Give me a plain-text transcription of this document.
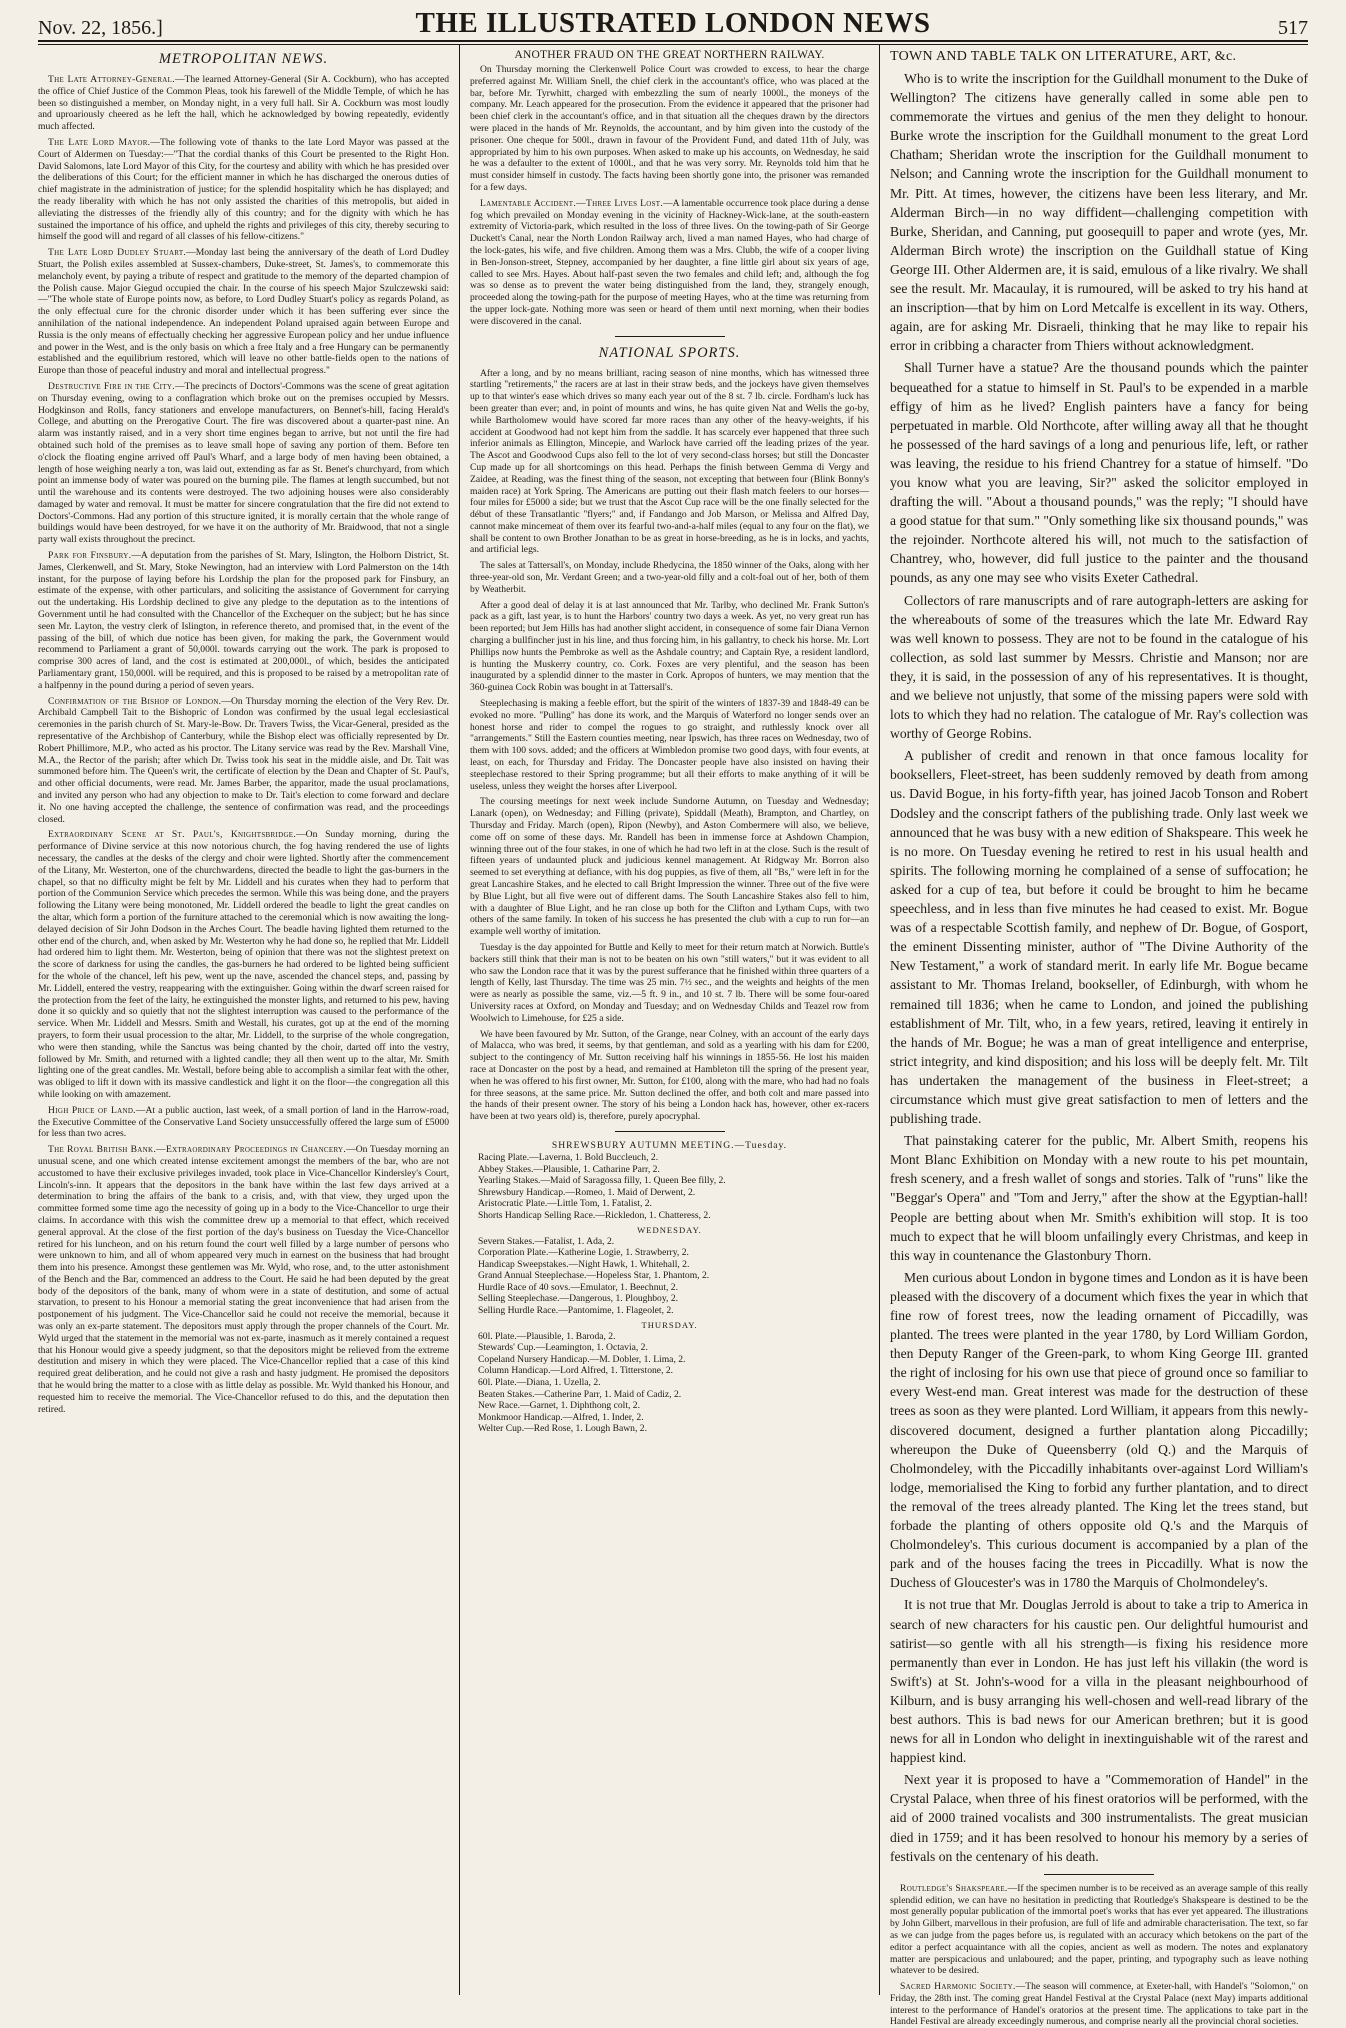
Nov. 22, 1856.]	THE ILLUSTRATED LONDON NEWS	517
METROPOLITAN NEWS.

The Late Attorney-General.—The learned Attorney-General (Sir A. Cockburn), who has accepted the office of Chief Justice of the Common Pleas, took his farewell of the Middle Temple, of which he has been so distinguished a member, on Monday night, in a very full hall. Sir A. Cockburn was most loudly and uproariously cheered as he left the hall, which he acknowledged by bowing repeatedly, evidently much affected.

The Late Lord Mayor.—The following vote of thanks to the late Lord Mayor was passed at the Court of Aldermen on Tuesday:—"That the cordial thanks of this Court be presented to the Right Hon. David Salomons, late Lord Mayor of this City, for the courtesy and ability with which he has presided over the deliberations of this Court; for the efficient manner in which he has discharged the onerous duties of chief magistrate in the administration of justice; for the splendid hospitality which he has displayed; and the ready liberality with which he has not only assisted the charities of this metropolis, but aided in alleviating the distresses of the friendly ally of this country; and for the dignity with which he has sustained the importance of his office, and upheld the rights and privileges of this city, thereby securing to himself the good will and regard of all classes of his fellow-citizens."

The Late Lord Dudley Stuart.—Monday last being the anniversary of the death of Lord Dudley Stuart, the Polish exiles assembled at Sussex-chambers, Duke-street, St. James's, to commemorate this melancholy event, by paying a tribute of respect and gratitude to the memory of the departed champion of the Polish cause. Major Giegud occupied the chair. In the course of his speech Major Szulczewski said:—"The whole state of Europe points now, as before, to Lord Dudley Stuart's policy as regards Poland, as the only effectual cure for the chronic disorder under which it has been suffering ever since the annihilation of the national independence. An independent Poland upraised again between Europe and Russia is the only means of effectually checking her aggressive European policy and her undue influence and power in the West, and is the only basis on which a free Italy and a free Hungary can be permanently established and the equilibrium restored, which will leave no other battle-fields open to the nations of Europe than those of peaceful industry and moral and intellectual progress."

Destructive Fire in the City.—The precincts of Doctors'-Commons was the scene of great agitation on Thursday evening, owing to a conflagration which broke out on the premises occupied by Messrs. Hodgkinson and Rolls, fancy stationers and envelope manufacturers, on Bennet's-hill, facing Herald's College, and abutting on the Prerogative Court. The fire was discovered about a quarter-past nine. An alarm was instantly raised, and in a very short time engines began to arrive, but not until the fire had obtained such hold of the premises as to leave small hope of saving any portion of them. Before ten o'clock the floating engine arrived off Paul's Wharf, and a large body of men having been obtained, a length of hose weighing nearly a ton, was laid out, extending as far as St. Benet's churchyard, from which point an immense body of water was poured on the burning pile. The flames at length succumbed, but not until the warehouse and its contents were destroyed. The two adjoining houses were also considerably damaged by water and removal. It must be matter for sincere congratulation that the fire did not extend to Doctors'-Commons. Had any portion of this structure ignited, it is morally certain that the whole range of buildings would have been destroyed, for we have it on the authority of Mr. Braidwood, that not a single party wall exists throughout the precinct.

Park for Finsbury.—A deputation from the parishes of St. Mary, Islington, the Holborn District, St. James, Clerkenwell, and St. Mary, Stoke Newington, had an interview with Lord Palmerston on the 14th instant, for the purpose of laying before his Lordship the plan for the proposed park for Finsbury, an estimate of the expense, with other particulars, and soliciting the assistance of Government for carrying out the undertaking. His Lordship declined to give any pledge to the deputation as to the intentions of Government until he had consulted with the Chancellor of the Exchequer on the subject; but he has since seen Mr. Layton, the vestry clerk of Islington, in reference thereto, and promised that, in the event of the passing of the bill, of which due notice has been given, for making the park, the Government would recommend to Parliament a grant of 50,000l. towards carrying out the work. The park is proposed to comprise 300 acres of land, and the cost is estimated at 200,000l., of which, besides the anticipated Parliamentary grant, 150,000l. will be required, and this is proposed to be raised by a metropolitan rate of a halfpenny in the pound during a period of seven years.

Confirmation of the Bishop of London.—On Thursday morning the election of the Very Rev. Dr. Archibald Campbell Tait to the Bishopric of London was confirmed by the usual legal ecclesiastical ceremonies in the parish church of St. Mary-le-Bow. Dr. Travers Twiss, the Vicar-General, presided as the representative of the Archbishop of Canterbury, while the Bishop elect was officially represented by Dr. Robert Phillimore, M.P., who acted as his proctor. The Litany service was read by the Rev. Marshall Vine, M.A., the Rector of the parish; after which Dr. Twiss took his seat in the middle aisle, and Dr. Tait was summoned before him. The Queen's writ, the certificate of election by the Dean and Chapter of St. Paul's, and other official documents, were read. Mr. James Barber, the apparitor, made the usual proclamations, and invited any person who had any objection to make to Dr. Tait's election to come forward and declare it. No one having accepted the challenge, the sentence of confirmation was read, and the proceedings closed.

Extraordinary Scene at St. Paul's, Knightsbridge.—On Sunday morning, during the performance of Divine service at this now notorious church, the fog having rendered the use of lights necessary, the candles at the desks of the clergy and choir were lighted. Shortly after the commencement of the Litany, Mr. Westerton, one of the churchwardens, directed the beadle to light the gas-burners in the chapel, so that no difficulty might be felt by Mr. Liddell and his curates when they had to perform that portion of the Communion Service which precedes the sermon. While this was being done, and the prayers following the Litany were being monotoned, Mr. Liddell ordered the beadle to light the great candles on the altar, which form a portion of the furniture attached to the ceremonial which is now awaiting the long-delayed decision of Sir John Dodson in the Arches Court. The beadle having lighted them returned to the other end of the church, and, when asked by Mr. Westerton why he had done so, he replied that Mr. Liddell had ordered him to light them. Mr. Westerton, being of opinion that there was not the slightest pretext on the score of darkness for using the candles, the gas-burners he had ordered to be lighted being sufficient for the whole of the chancel, left his pew, went up the nave, ascended the chancel steps, and, passing by Mr. Liddell, entered the vestry, reappearing with the extinguisher. Going within the dwarf screen raised for the protection from the feet of the laity, he extinguished the monster lights, and returned to his pew, having done it so quickly and so quietly that not the slightest interruption was caused to the performance of the service. When Mr. Liddell and Messrs. Smith and Westall, his curates, got up at the end of the morning prayers, to form their usual procession to the altar, Mr. Liddell, to the surprise of the whole congregation, who were then standing, while the Sanctus was being chanted by the choir, darted off into the vestry, followed by Mr. Smith, and returned with a lighted candle; they all then went up to the altar, Mr. Smith lighting one of the great candles. Mr. Westall, before being able to accomplish a similar feat with the other, was obliged to lift it down with its massive candlestick and light it on the floor—the congregation all this while looking on with amazement.

High Price of Land.—At a public auction, last week, of a small portion of land in the Harrow-road, the Executive Committee of the Conservative Land Society unsuccessfully offered the large sum of £5000 for less than two acres.

The Royal British Bank.—Extraordinary Proceedings in Chancery.—On Tuesday morning an unusual scene, and one which created intense excitement amongst the members of the bar, who are not accustomed to have their exclusive privileges invaded, took place in Vice-Chancellor Kindersley's Court, Lincoln's-inn. It appears that the depositors in the bank have within the last few days arrived at a determination to bring the affairs of the bank to a crisis, and, with that view, they urged upon the committee formed some time ago the necessity of going up in a body to the Vice-Chancellor to urge their claims. In accordance with this wish the committee drew up a memorial to that effect, which received general approval. At the close of the first portion of the day's business on Tuesday the Vice-Chancellor retired for his luncheon, and on his return found the court well filled by a large number of persons who were unknown to him, and all of whom appeared very much in earnest on the business that had brought them into his presence. Amongst these gentlemen was Mr. Wyld, who rose, and, to the utter astonishment of the Bench and the Bar, commenced an address to the Court. He said he had been deputed by the great body of the depositors of the bank, many of whom were in a state of destitution, and some of actual starvation, to present to his Honour a memorial stating the great inconvenience that had arisen from the postponement of his judgment. The Vice-Chancellor said he could not receive the memorial, because it was only an ex-parte statement. The depositors must apply through the proper channels of the Court. Mr. Wyld urged that the statement in the memorial was not ex-parte, inasmuch as it merely contained a request that his Honour would give a speedy judgment, so that the depositors might be relieved from the extreme destitution and misery in which they were placed. The Vice-Chancellor replied that a case of this kind required great deliberation, and he could not give a rash and hasty judgment. He promised the depositors that he would bring the matter to a close with as little delay as possible. Mr. Wyld thanked his Honour, and requested him to receive the memorial. The Vice-Chancellor refused to do this, and the deputation then retired.

ANOTHER FRAUD ON THE GREAT NORTHERN RAILWAY.

On Thursday morning the Clerkenwell Police Court was crowded to excess, to hear the charge preferred against Mr. William Snell, the chief clerk in the accountant's office, who was placed at the bar, before Mr. Tyrwhitt, charged with embezzling the sum of nearly 1000l., the moneys of the company. Mr. Leach appeared for the prosecution. From the evidence it appeared that the prisoner had been chief clerk in the accountant's office, and in that situation all the cheques drawn by the directors were placed in the hands of Mr. Reynolds, the accountant, and by him given into the custody of the prisoner. One cheque for 500l., drawn in favour of the Provident Fund, and dated 11th of July, was appropriated by him to his own purposes. When asked to make up his accounts, on Wednesday, he said he was a defaulter to the extent of 1000l., and that he was very sorry. Mr. Reynolds told him that he must consider himself in custody. The facts having been shortly gone into, the prisoner was remanded for a few days.

Lamentable Accident.—Three Lives Lost.—A lamentable occurrence took place during a dense fog which prevailed on Monday evening in the vicinity of Hackney-Wick-lane, at the south-eastern extremity of Victoria-park, which resulted in the loss of three lives. On the towing-path of Sir George Duckett's Canal, near the North London Railway arch, lived a man named Hayes, who had charge of the lock-gates, his wife, and five children. Among them was a Mrs. Clubb, the wife of a cooper living in Ben-Jonson-street, Stepney, accompanied by her daughter, a fine little girl about six years of age, called to see Mrs. Hayes. About half-past seven the two females and child left; and, although the fog was so dense as to prevent the water being distinguished from the land, they, strangely enough, proceeded along the towing-path for the purpose of meeting Hayes, who at the time was returning from the upper lock-gate. Nothing more was seen or heard of them until next morning, when their bodies were discovered in the canal.

NATIONAL SPORTS.

After a long, and by no means brilliant, racing season of nine months, which has witnessed three startling "retirements," the racers are at last in their straw beds, and the jockeys have given themselves up to that winter's ease which drives so many each year out of the 8 st. 7 lb. circle. Fordham's luck has been greater than ever; and, in point of mounts and wins, he has quite given Nat and Wells the go-by, while Bartholomew would have scored far more races than any other of the heavy-weights, if his accident at Goodwood had not kept him from the saddle. It has scarcely ever happened that three such inferior animals as Ellington, Mincepie, and Warlock have carried off the leading prizes of the year. The Ascot and Goodwood Cups also fell to the lot of very second-class horses; but still the Doncaster Cup made up for all shortcomings on this head. Perhaps the finish between Gemma di Vergy and Zaidee, at Reading, was the finest thing of the season, not excepting that between four (Blink Bonny's maiden race) at York Spring. The Americans are putting out their flash match feelers to our horses—four miles for £5000 a side; but we trust that the Ascot Cup race will be the one finally selected for the début of these Transatlantic "flyers;" and, if Fandango and Job Marson, or Melissa and Alfred Day, cannot make mincemeat of them over its fearful two-and-a-half miles (equal to any four on the flat), we shall be content to own Brother Jonathan to be as great in horse-breeding, as he is in locks, and yachts, and artificial legs.

The sales at Tattersall's, on Monday, include Rhedycina, the 1850 winner of the Oaks, along with her three-year-old son, Mr. Verdant Green; and a two-year-old filly and a colt-foal out of her, both of them by Weatherbit.

After a good deal of delay it is at last announced that Mr. Tarlby, who declined Mr. Frank Sutton's pack as a gift, last year, is to hunt the Harbors' country two days a week. As yet, no very great run has been reported; but Jem Hills has had another slight accident, in consequence of some fair Diana Vernon charging a bullfincher just in his line, and thus forcing him, in his gallantry, to check his horse. Mr. Lort Phillips now hunts the Pembroke as well as the Ashdale country; and Captain Rye, a resident landlord, is hunting the Muskerry country, co. Cork. Foxes are very plentiful, and the season has been inaugurated by a splendid dinner to the master in Cork. Apropos of hunters, we may mention that the 360-guinea Cock Robin was bought in at Tattersall's.

Steeplechasing is making a feeble effort, but the spirit of the winters of 1837-39 and 1848-49 can be evoked no more. "Pulling" has done its work, and the Marquis of Waterford no longer sends over an honest horse and rider to compel the rogues to go straight, and ruthlessly knock over all "arrangements." Still the Eastern counties meeting, near Ipswich, has three races on Wednesday, two of them with 100 sovs. added; and the officers at Wimbledon promise two good days, with four events, at least, on each, for Thursday and Friday. The Doncaster people have also insisted on having their steeplechase restored to their Spring programme; but all their efforts to make anything of it will be useless, unless they weight the horses after Liverpool.

The coursing meetings for next week include Sundorne Autumn, on Tuesday and Wednesday; Lanark (open), on Wednesday; and Filling (private), Spiddall (Meath), Brampton, and Chartley, on Thursday and Friday. March (open), Ripon (Newby), and Aston Combermere will also, we believe, come off on some of these days. Mr. Randell has been in immense force at Ashdown Champion, winning three out of the four stakes, in one of which he had two left in at the close. Such is the result of fifteen years of undaunted pluck and judicious kennel management. At Ridgway Mr. Borron also seemed to set everything at defiance, with his dog puppies, as five of them, all "Bs," were left in for the great Lancashire Stakes, and he elected to call Bright Impression the winner. Three out of the five were by Blue Light, but all five were out of different dams. The South Lancashire Stakes also fell to him, with a daughter of Blue Light, and he ran close up both for the Clifton and Lytham Cups, with two others of the same family. In token of his success he has presented the club with a cup to run for—an example well worthy of imitation.

Tuesday is the day appointed for Buttle and Kelly to meet for their return match at Norwich. Buttle's backers still think that their man is not to be beaten on his own "still waters," but it was evident to all who saw the London race that it was by the purest sufferance that he finished within three quarters of a length of Kelly, last Thursday. The time was 25 min. 7½ sec., and the weights and heights of the men were as nearly as possible the same, viz.—5 ft. 9 in., and 10 st. 7 lb. There will be some four-oared University races at Oxford, on Monday and Tuesday; and on Wednesday Childs and Teazel row from Woolwich to Limehouse, for £25 a side.

We have been favoured by Mr. Sutton, of the Grange, near Colney, with an account of the early days of Malacca, who was bred, it seems, by that gentleman, and sold as a yearling with his dam for £200, subject to the contingency of Mr. Sutton receiving half his winnings in 1855-56. He lost his maiden race at Doncaster on the post by a head, and remained at Hambleton till the spring of the present year, when he was offered to his first owner, Mr. Sutton, for £100, along with the mare, who had had no foals for three seasons, at the same price. Mr. Sutton declined the offer, and both colt and mare passed into the hands of their present owner. The story of his being a London hack has, however, other ex-racers have been at two years old) is, therefore, purely apocryphal.

SHREWSBURY AUTUMN MEETING.—Tuesday.
Racing Plate.—Laverna, 1. Bold Buccleuch, 2.
Abbey Stakes.—Plausible, 1. Catharine Parr, 2.
Yearling Stakes.—Maid of Saragossa filly, 1. Queen Bee filly, 2.
Shrewsbury Handicap.—Romeo, 1. Maid of Derwent, 2.
Aristocratic Plate.—Little Tom, 1. Fatalist, 2.
Shorts Handicap Selling Race.—Rickledon, 1. Chatteress, 2.
WEDNESDAY.
Severn Stakes.—Fatalist, 1. Ada, 2.
Corporation Plate.—Katherine Logie, 1. Strawberry, 2.
Handicap Sweepstakes.—Night Hawk, 1. Whitehall, 2.
Grand Annual Steeplechase.—Hopeless Star, 1. Phantom, 2.
Hurdle Race of 40 sovs.—Emulator, 1. Beechnut, 2.
Selling Steeplechase.—Dangerous, 1. Ploughboy, 2.
Selling Hurdle Race.—Pantomime, 1. Flageolet, 2.
THURSDAY.
60l. Plate.—Plausible, 1. Baroda, 2.
Stewards' Cup.—Leamington, 1. Octavia, 2.
Copeland Nursery Handicap.—M. Dobler, 1. Lima, 2.
Column Handicap.—Lord Alfred, 1. Titterstone, 2.
60l. Plate.—Diana, 1. Uzella, 2.
Beaten Stakes.—Catherine Parr, 1. Maid of Cadiz, 2.
New Race.—Garnet, 1. Diphthong colt, 2.
Monkmoor Handicap.—Alfred, 1. Inder, 2.
Welter Cup.—Red Rose, 1. Lough Bawn, 2.
TOWN AND TABLE TALK ON LITERATURE, ART, &c.

Who is to write the inscription for the Guildhall monument to the Duke of Wellington? The citizens have generally called in some able pen to commemorate the virtues and genius of the men they delight to honour. Burke wrote the inscription for the Guildhall monument to the great Lord Chatham; Sheridan wrote the inscription for the Guildhall monument to Nelson; and Canning wrote the inscription for the Guildhall monument to Mr. Pitt. At times, however, the citizens have been less literary, and Mr. Alderman Birch—in no way diffident—challenging competition with Burke, Sheridan, and Canning, put goosequill to paper and wrote (yes, Mr. Alderman Birch wrote) the inscription on the Guildhall statue of King George III. Other Aldermen are, it is said, emulous of a like rivalry. We shall see the result. Mr. Macaulay, it is rumoured, will be asked to try his hand at an inscription—that by him on Lord Metcalfe is excellent in its way. Others, again, are for asking Mr. Disraeli, thinking that he may like to repair his error in cribbing a character from Thiers without acknowledgment.

Shall Turner have a statue? Are the thousand pounds which the painter bequeathed for a statue to himself in St. Paul's to be expended in a marble effigy of him as he lived? English painters have a fancy for being perpetuated in marble. Old Northcote, after willing away all that he thought he possessed of the hard savings of a long and penurious life, left, or rather was leaving, the residue to his friend Chantrey for a statue of himself. "Do you know what you are leaving, Sir?" asked the solicitor employed in drafting the will. "About a thousand pounds," was the reply; "I should have a good statue for that sum." "Only something like six thousand pounds," was the rejoinder. Northcote altered his will, not much to the satisfaction of Chantrey, who, however, did full justice to the painter and the thousand pounds, as any one may see who visits Exeter Cathedral.

Collectors of rare manuscripts and of rare autograph-letters are asking for the whereabouts of some of the treasures which the late Mr. Edward Ray was well known to possess. They are not to be found in the catalogue of his collection, as sold last summer by Messrs. Christie and Manson; nor are they, it is said, in the possession of any of his representatives. It is thought, and we believe not unjustly, that some of the missing papers were sold with lots to which they had no relation. The catalogue of Mr. Ray's collection was worthy of George Robins.

A publisher of credit and renown in that once famous locality for booksellers, Fleet-street, has been suddenly removed by death from among us. David Bogue, in his forty-fifth year, has joined Jacob Tonson and Robert Dodsley and the conscript fathers of the publishing trade. Only last week we announced that he was busy with a new edition of Shakspeare. This week he is no more. On Tuesday evening he retired to rest in his usual health and spirits. The following morning he complained of a sense of suffocation; he asked for a cup of tea, but before it could be brought to him he became speechless, and in less than five minutes he had ceased to exist. Mr. Bogue was of a respectable Scottish family, and nephew of Dr. Bogue, of Gosport, the eminent Dissenting minister, author of "The Divine Authority of the New Testament," a work of standard merit. In early life Mr. Bogue became assistant to Mr. Thomas Ireland, bookseller, of Edinburgh, with whom he remained till 1836; when he came to London, and joined the publishing establishment of Mr. Tilt, who, in a few years, retired, leaving it entirely in the hands of Mr. Bogue; he was a man of great intelligence and enterprise, strict integrity, and kind disposition; and his loss will be deeply felt. Mr. Tilt has undertaken the management of the business in Fleet-street; a circumstance which must give great satisfaction to men of letters and the publishing trade.

That painstaking caterer for the public, Mr. Albert Smith, reopens his Mont Blanc Exhibition on Monday with a new route to his pet mountain, fresh scenery, and a fresh wallet of songs and stories. Talk of "runs" like the "Beggar's Opera" and "Tom and Jerry," after the show at the Egyptian-hall! People are betting about when Mr. Smith's exhibition will stop. It is too much to expect that he will bloom unfailingly every Christmas, and keep in this way in countenance the Glastonbury Thorn.

Men curious about London in bygone times and London as it is have been pleased with the discovery of a document which fixes the year in which that fine row of forest trees, now the leading ornament of Piccadilly, was planted. The trees were planted in the year 1780, by Lord William Gordon, then Deputy Ranger of the Green-park, to whom King George III. granted the right of inclosing for his own use that piece of ground once so familiar to every West-end man. Great interest was made for the destruction of these trees as soon as they were planted. Lord William, it appears from this newly-discovered document, designed a further plantation along Piccadilly; whereupon the Duke of Queensberry (old Q.) and the Marquis of Cholmondeley, with the Piccadilly inhabitants over-against Lord William's lodge, memorialised the King to forbid any further plantation, and to direct the removal of the trees already planted. The King let the trees stand, but forbade the planting of others opposite old Q.'s and the Marquis of Cholmondeley's. This curious document is accompanied by a plan of the park and of the houses facing the trees in Piccadilly. What is now the Duchess of Gloucester's was in 1780 the Marquis of Cholmondeley's.

It is not true that Mr. Douglas Jerrold is about to take a trip to America in search of new characters for his caustic pen. Our delightful humourist and satirist—so gentle with all his strength—is fixing his residence more permanently than ever in London. He has just left his villakin (the word is Swift's) at St. John's-wood for a villa in the pleasant neighbourhood of Kilburn, and is busy arranging his well-chosen and well-read library of the best authors. This is bad news for our American brethren; but it is good news for all in London who delight in inextinguishable wit of the rarest and happiest kind.

Next year it is proposed to have a "Commemoration of Handel" in the Crystal Palace, when three of his finest oratorios will be performed, with the aid of 2000 trained vocalists and 300 instrumentalists. The great musician died in 1759; and it has been resolved to honour his memory by a series of festivals on the centenary of his death.

Routledge's Shakspeare.—If the specimen number is to be received as an average sample of this really splendid edition, we can have no hesitation in predicting that Routledge's Shakspeare is destined to be the most generally popular publication of the immortal poet's works that has ever yet appeared. The illustrations by John Gilbert, marvellous in their profusion, are full of life and admirable characterisation. The text, so far as we can judge from the pages before us, is regulated with an accuracy which betokens on the part of the editor a perfect acquaintance with all the copies, ancient as well as modern. The notes and explanatory matter are perspicacious and unlaboured; and the paper, printing, and typography such as leave nothing whatever to be desired.

Sacred Harmonic Society.—The season will commence, at Exeter-hall, with Handel's "Solomon," on Friday, the 28th inst. The coming great Handel Festival at the Crystal Palace (next May) imparts additional interest to the performance of Handel's oratorios at the present time. The applications to take part in the Handel Festival are already exceedingly numerous, and comprise nearly all the provincial choral societies.
